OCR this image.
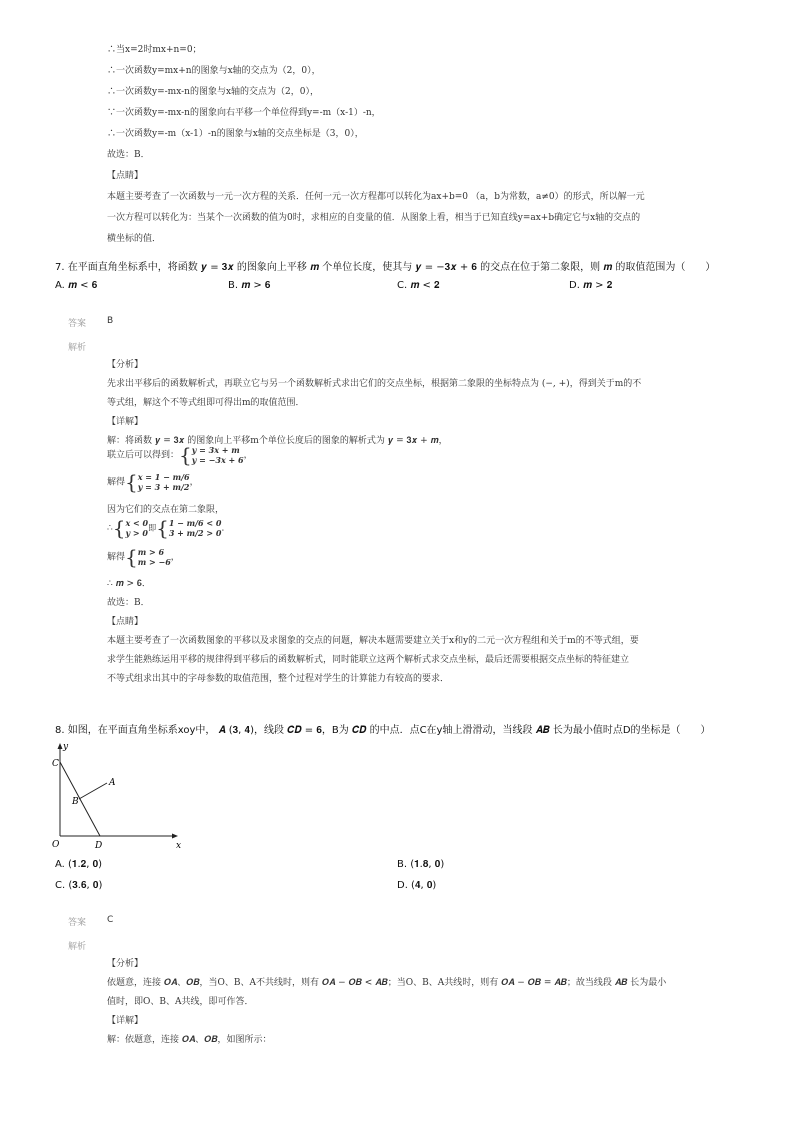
∴当x=2时mx+n=0；
∴一次函数y=mx+n的图象与x轴的交点为（2，0），
∴一次函数y=-mx-n的图象与x轴的交点为（2，0），
∵一次函数y=-mx-n的图象向右平移一个单位得到y=-m（x-1）-n，
∴一次函数y=-m（x-1）-n的图象与x轴的交点坐标是（3，0），
故选：B．
【点睛】
本题主要考查了一次函数与一元一次方程的关系．任何一元一次方程都可以转化为ax+b=0 （a，b为常数，a≠0）的形式，所以解一元
一次方程可以转化为：当某个一次函数的值为0时，求相应的自变量的值．从图象上看，相当于已知直线y=ax+b确定它与x轴的交点的
横坐标的值．
7. 在平面直角坐标系中，将函数 𝒚 = 𝟑𝒙 的图象向上平移 𝒎 个单位长度，使其与 𝒚 = −𝟑𝒙 + 𝟔 的交点在位于第二象限，则 𝒎 的取值范围为（　　）
A. 𝒎 < 𝟔	B. 𝒎 > 𝟔	C. 𝒎 < 𝟐	D. 𝒎 > 𝟐
答案 B
解析
【分析】
先求出平移后的函数解析式，再联立它与另一个函数解析式求出它们的交点坐标，根据第二象限的坐标特点为 (−, +)，得到关于m的不
等式组，解这个不等式组即可得出m的取值范围．
【详解】
解：将函数 𝒚 = 𝟑𝒙 的图象向上平移m个单位长度后的图象的解析式为 𝒚 = 𝟑𝒙 + 𝒎，
联立后可以得到：{y = 3x + m
y = −3x + 6，
解得{x = 1 − m/6
y = 3 + m/2，
因为它们的交点在第二象限，
∴{x < 0
y > 0即{1 − m/6 < 0
3 + m/2 > 0．
解得{m > 6
m > −6，
∴ 𝒎 > 𝟔．
故选：B．
【点睛】
本题主要考查了一次函数图象的平移以及求图象的交点的问题，解决本题需要建立关于x和y的二元一次方程组和关于m的不等式组，要
求学生能熟练运用平移的规律得到平移后的函数解析式，同时能联立这两个解析式求交点坐标，最后还需要根据交点坐标的特征建立
不等式组求出其中的字母参数的取值范围，整个过程对学生的计算能力有较高的要求．
8. 如图，在平面直角坐标系xoy中， 𝑨 (𝟑, 𝟒)，线段 𝑪𝑫 = 𝟔，B为 𝑪𝑫 的中点．点C在y轴上滑滑动，当线段 𝑨𝑩 长为最小值时点D的坐标是（　　）
y
x
O
C
A
B
D
A. (𝟏.𝟐, 𝟎)	B. (𝟏.𝟖, 𝟎)
C. (𝟑.𝟔, 𝟎)	D. (𝟒, 𝟎)
答案 C
解析
【分析】
依题意，连接 𝑶𝑨、𝑶𝑩，当O、B、A不共线时，则有 𝑶𝑨 − 𝑶𝑩 < 𝑨𝑩；当O、B、A共线时，则有 𝑶𝑨 − 𝑶𝑩 = 𝑨𝑩；故当线段 𝑨𝑩 长为最小
值时，即O、B、A共线，即可作答．
【详解】
解：依题意，连接 𝑶𝑨、𝑶𝑩，如图所示：
